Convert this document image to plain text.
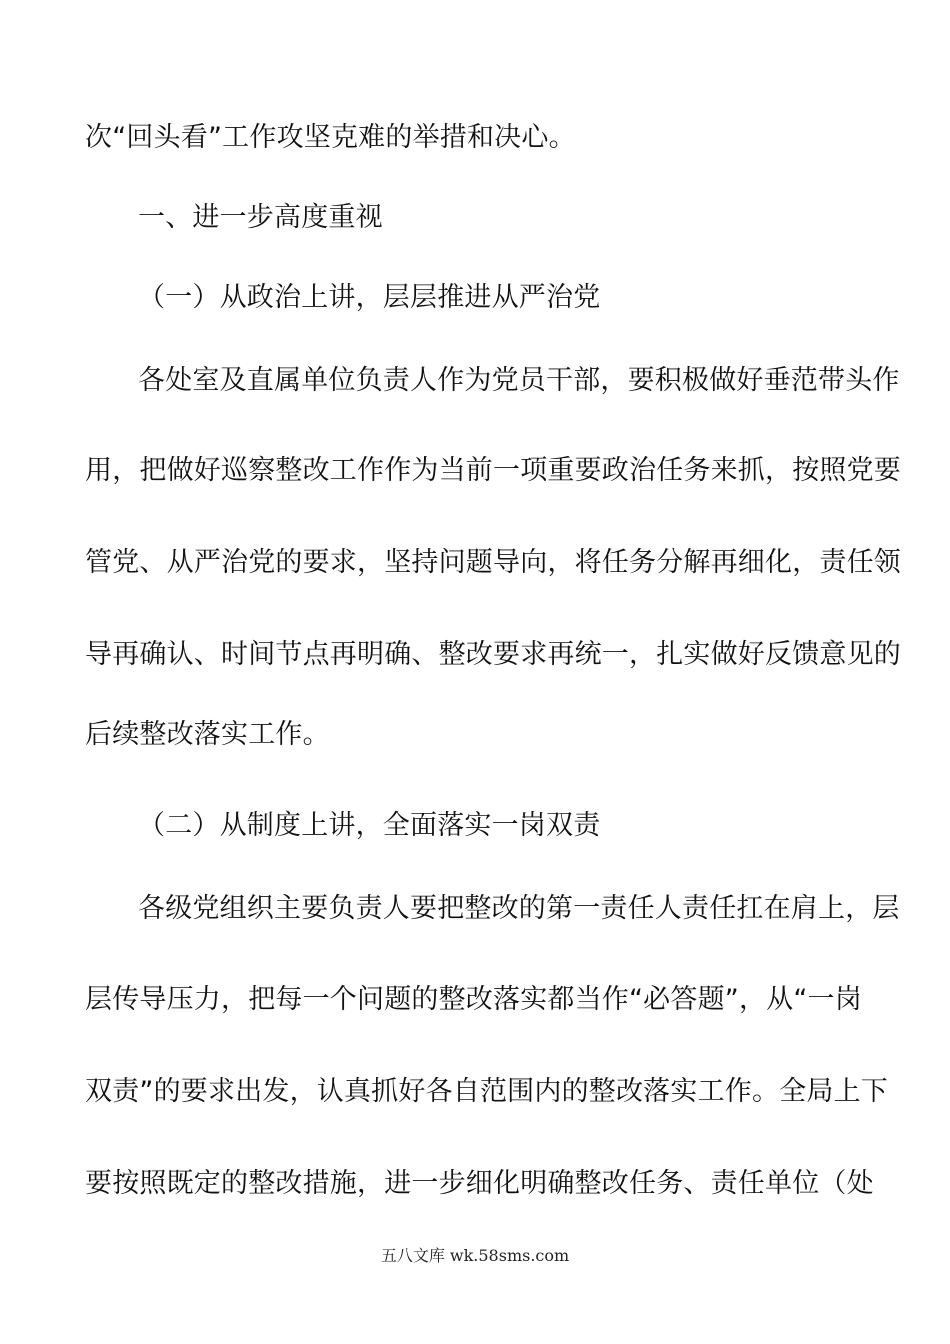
次“回头看”工作攻坚克难的举措和决心。
一、进一步高度重视
（一）从政治上讲，层层推进从严治党
各处室及直属单位负责人作为党员干部，要积极做好垂范带头作
用，把做好巡察整改工作作为当前一项重要政治任务来抓，按照党要
管党、从严治党的要求，坚持问题导向，将任务分解再细化，责任领
导再确认、时间节点再明确、整改要求再统一，扎实做好反馈意见的
后续整改落实工作。
（二）从制度上讲，全面落实一岗双责
各级党组织主要负责人要把整改的第一责任人责任扛在肩上，层
层传导压力，把每一个问题的整改落实都当作“必答题”，从“一岗
双责”的要求出发，认真抓好各自范围内的整改落实工作。全局上下
要按照既定的整改措施，进一步细化明确整改任务、责任单位（处
五八文库 wk.58sms.com
